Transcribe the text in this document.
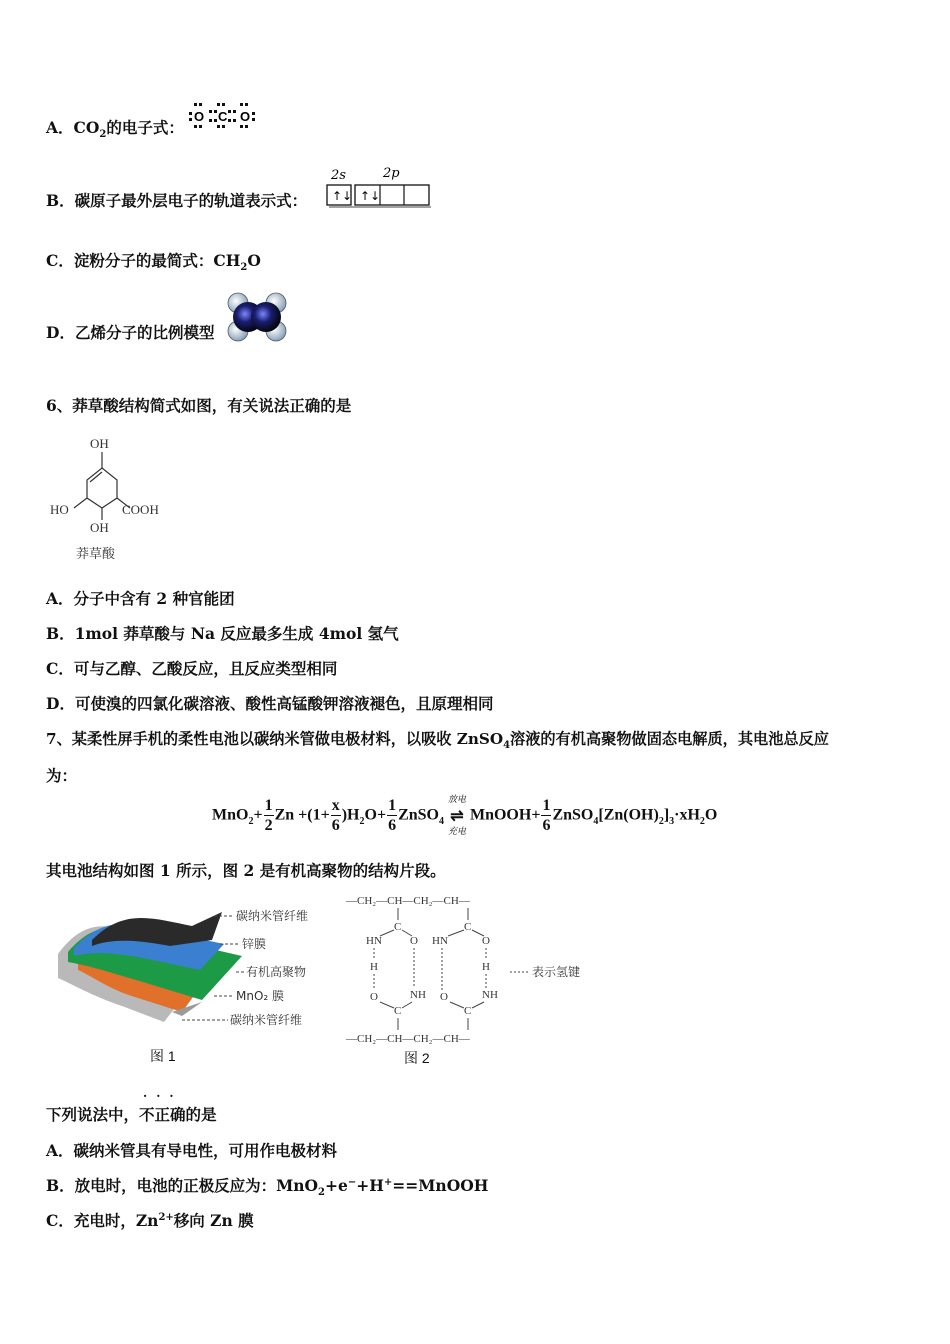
A．$CO_2$的电子式：
O C O
B．碳原子最外层电子的轨道表示式：
2s	2p
↑↓ ↑↓
C．淀粉分子的最简式：$CH_2O$
D．乙烯分子的比例模型
6、莽草酸结构简式如图，有关说法正确的是
OH
HO	COOH
OH
莽草酸
A．分子中含有 2 种官能团
B．1mol 莽草酸与 Na 反应最多生成 4mol 氢气
C．可与乙醇、乙酸反应，且反应类型相同
D．可使溴的四氯化碳溶液、酸性高锰酸钾溶液褪色，且原理相同
7、某柔性屏手机的柔性电池以碳纳米管做电极材料，以吸收 ZnSO$_4$溶液的有机高聚物做固态电解质，其电池总反应
为：
$MnO_2+ \frac{1}{2}$ $Zn +(1+ \frac{x}{6} )H_2O+ \frac{1}{6}$ ZnSO$_4$
放电
⇌
充电
MnOOH+ $\frac{1}{6}$ $ZnSO_4[Zn(OH)_2]_3\cdot xH_2O$
其电池结构如图 1 所示，图 2 是有机高聚物的结构片段。
碳纳米管纤维
锌膜
有机高聚物
MnO₂ 膜
碳纳米管纤维
图 1
—CH₂—CH—CH₂—CH—
—CH₂—CH—CH₂—CH—
HN	HN
O	O
C	C
H	H
O	O
NH	NH
C	C
表示氢键
图 2
下列说法中，
···
不正确的是
A．碳纳米管具有导电性，可用作电极材料
B．放电时，电池的正极反应为：MnO$_2$+e−+H+==MnOOH
C．充电时，$Zn^{2+}$移向 Zn 膜
